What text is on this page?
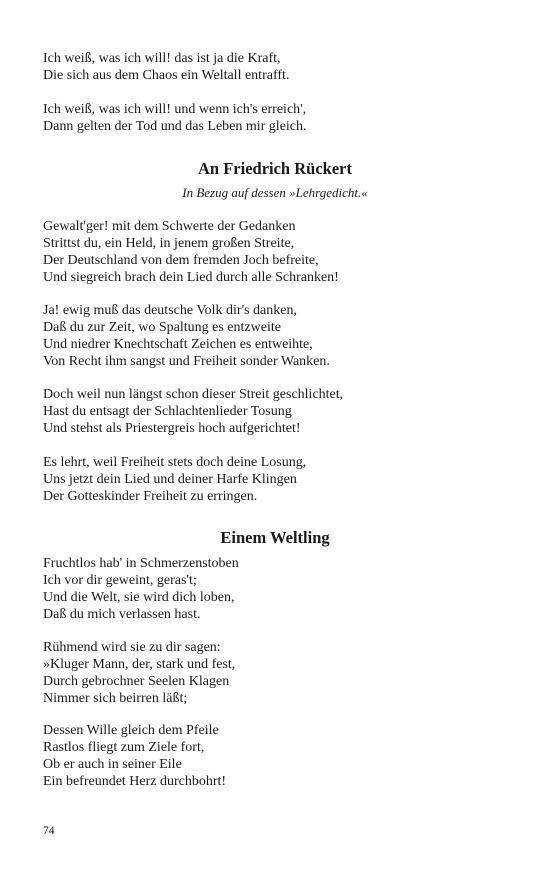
Ich weiß, was ich will! das ist ja die Kraft,
Die sich aus dem Chaos ein Weltall entrafft.
Ich weiß, was ich will! und wenn ich's erreich',
Dann gelten der Tod und das Leben mir gleich.
An Friedrich Rückert
In Bezug auf dessen »Lehrgedicht.«
Gewalt'ger! mit dem Schwerte der Gedanken
Strittst du, ein Held, in jenem großen Streite,
Der Deutschland von dem fremden Joch befreite,
Und siegreich brach dein Lied durch alle Schranken!
Ja! ewig muß das deutsche Volk dir's danken,
Daß du zur Zeit, wo Spaltung es entzweite
Und niedrer Knechtschaft Zeichen es entweihte,
Von Recht ihm sangst und Freiheit sonder Wanken.
Doch weil nun längst schon dieser Streit geschlichtet,
Hast du entsagt der Schlachtenlieder Tosung
Und stehst als Priestergreis hoch aufgerichtet!
Es lehrt, weil Freiheit stets doch deine Losung,
Uns jetzt dein Lied und deiner Harfe Klingen
Der Gotteskinder Freiheit zu erringen.
Einem Weltling
Fruchtlos hab' in Schmerzenstoben
Ich vor dir geweint, geras't;
Und die Welt, sie wird dich loben,
Daß du mich verlassen hast.
Rühmend wird sie zu dir sagen:
»Kluger Mann, der, stark und fest,
Durch gebrochner Seelen Klagen
Nimmer sich beirren läßt;
Dessen Wille gleich dem Pfeile
Rastlos fliegt zum Ziele fort,
Ob er auch in seiner Eile
Ein befreundet Herz durchbohrt!
74
